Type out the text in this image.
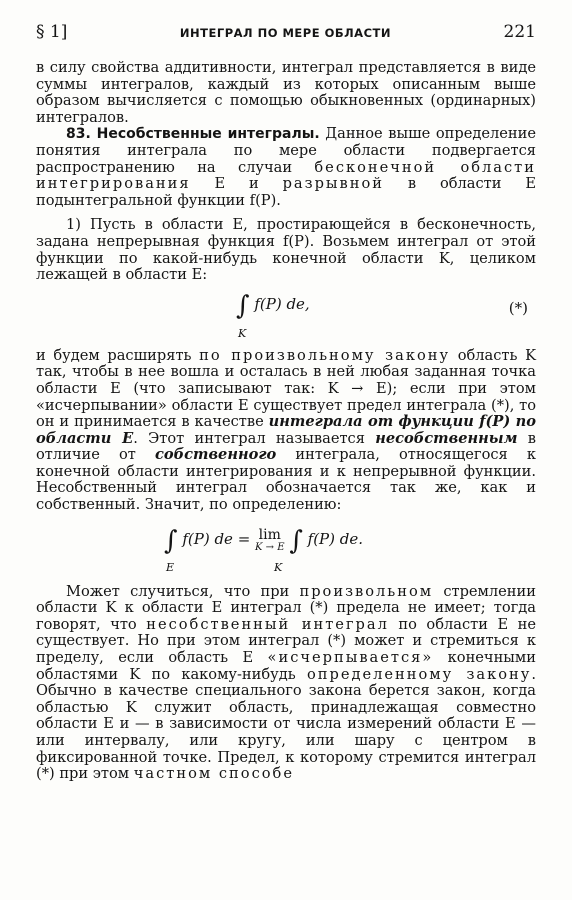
§ 1]	ИНТЕГРАЛ ПО МЕРЕ ОБЛАСТИ	221

в силу свойства аддитивности, интеграл представляется в виде суммы интегралов, каждый из которых описанным выше образом вычисляется с помощью обыкновенных (ординарных) интегралов.

83. Несобственные интегралы. Данное выше определение понятия интеграла по мере области подвергается распространению на случаи бесконечной области интегрирования E и разрывной в области E подынтегральной функции f(P).

1) Пусть в области E, простирающейся в бесконечность, задана непрерывная функция f(P). Возьмем интеграл от этой функции по какой-нибудь конечной области K, целиком лежащей в области E:

∫ f(P) de,
K
(*)

и будем расширять по произвольному закону область K так, чтобы в нее вошла и осталась в ней любая заданная точка области E (что записывают так: K → E); если при этом «исчерпывании» области E существует предел интеграла (*), то он и принимается в качестве интеграла от функции f(P) по области E. Этот интеграл называется несобственным в отличие от собственного интеграла, относящегося к конечной области интегрирования и к непрерывной функции. Несобственный интеграл обозначается так же, как и собственный. Значит, по определению:

∫ f(P) de = lim
K → E ∫ f(P) de.
E	K

Может случиться, что при произвольном стремлении области K к области E интеграл (*) предела не имеет; тогда говорят, что несобственный интеграл по области E не существует. Но при этом интеграл (*) может и стремиться к пределу, если область E «исчерпывается» конечными областями K по какому-нибудь определенному закону. Обычно в качестве специального закона берется закон, когда областью K служит область, принадлежащая совместно области E и — в зависимости от числа измерений области E — или интервалу, или кругу, или шару с центром в фиксированной точке. Предел, к которому стремится интеграл (*) при этом частном способе
